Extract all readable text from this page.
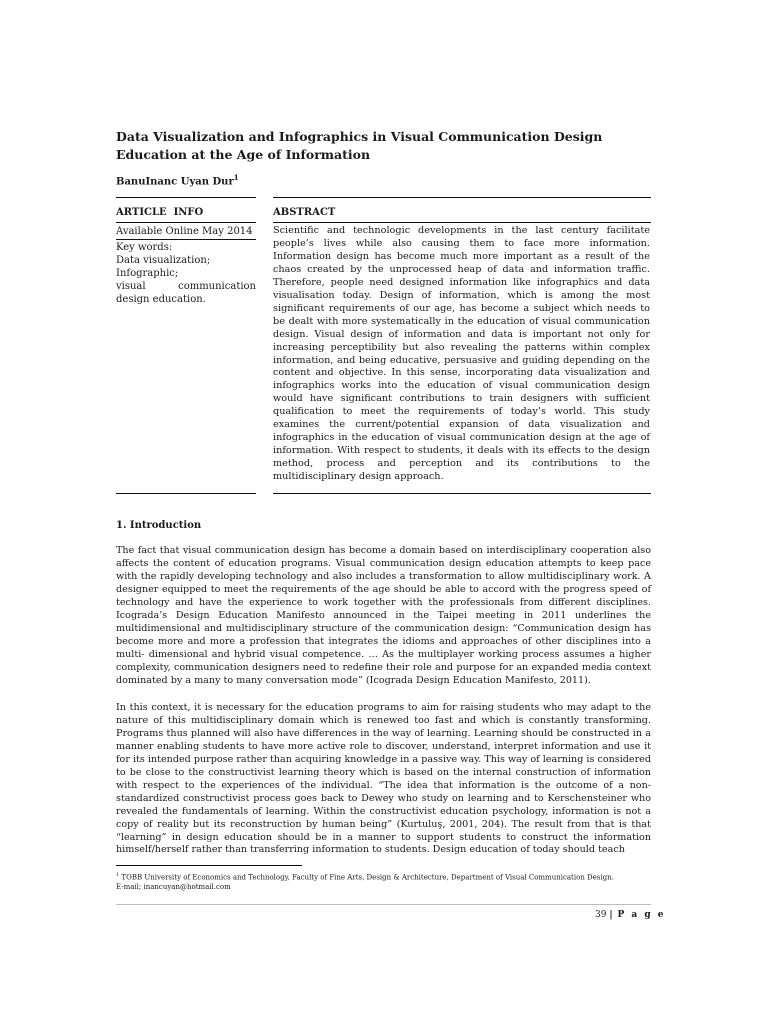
Data Visualization and Infographics in Visual Communication Design Education at the Age of Information
BanuInanc Uyan Dur$^1$
ARTICLE  INFO	ABSTRACT
Available Online May 2014
Key words:
Data visualization;
Infographic;
visual	communication
design education.
Scientific and technologic developments in the last century facilitate people’s lives while also causing them to face more information. Information design has become much more important as a result of the chaos created by the unprocessed heap of data and information traffic. Therefore, people need designed information like infographics and data visualisation today. Design of information, which is among the most significant requirements of our age, has become a subject which needs to be dealt with more systematically in the education of visual communication design. Visual design of information and data is important not only for increasing perceptibility but also revealing the patterns within complex information, and being educative, persuasive and guiding depending on the content and objective. In this sense, incorporating data visualization and infographics works into the education of visual communication design would have significant contributions to train designers with sufficient qualification to meet the requirements of today’s world. This study examines the current/potential expansion of data visualization and infographics in the education of visual communication design at the age of information. With respect to students, it deals with its effects to the design method, process and perception and its contributions to the multidisciplinary design approach.
1. Introduction
The fact that visual communication design has become a domain based on interdisciplinary cooperation also affects the content of education programs. Visual communication design education attempts to keep pace with the rapidly developing technology and also includes a transformation to allow multidisciplinary work. A designer equipped to meet the requirements of the age should be able to accord with the progress speed of technology and have the experience to work together with the professionals from different disciplines. Icograda’s Design Education Manifesto announced in the Taipei meeting in 2011 underlines the multidimensional and multidisciplinary structure of the communication design: “Communication design has become more and more a profession that integrates the idioms and approaches of other disciplines into a multi- dimensional and hybrid visual competence. … As the multiplayer working process assumes a higher complexity, communication designers need to redefine their role and purpose for an expanded media context dominated by a many to many conversation mode” (Icograda Design Education Manifesto, 2011).
In this context, it is necessary for the education programs to aim for raising students who may adapt to the nature of this multidisciplinary domain which is renewed too fast and which is constantly transforming. Programs thus planned will also have differences in the way of learning. Learning should be constructed in a manner enabling students to have more active role to discover, understand, interpret information and use it for its intended purpose rather than acquiring knowledge in a passive way. This way of learning is considered to be close to the constructivist learning theory which is based on the internal construction of information with respect to the experiences of the individual. “The idea that information is the outcome of a non-standardized constructivist process goes back to Dewey who study on learning and to Kerschensteiner who revealed the fundamentals of learning. Within the constructivist education psychology, information is not a copy of reality but its reconstruction by human being” (Kurtuluş, 2001, 204). The result from that is that “learning” in design education should be in a manner to support students to construct the information himself/herself rather than transferring information to students. Design education of today should teach
$^1$ TOBB University of Economics and Technology, Faculty of Fine Arts, Design & Architecture, Department of Visual Communication Design.
E-mail; inancuyan@hotmail.com
39 | P a g e
